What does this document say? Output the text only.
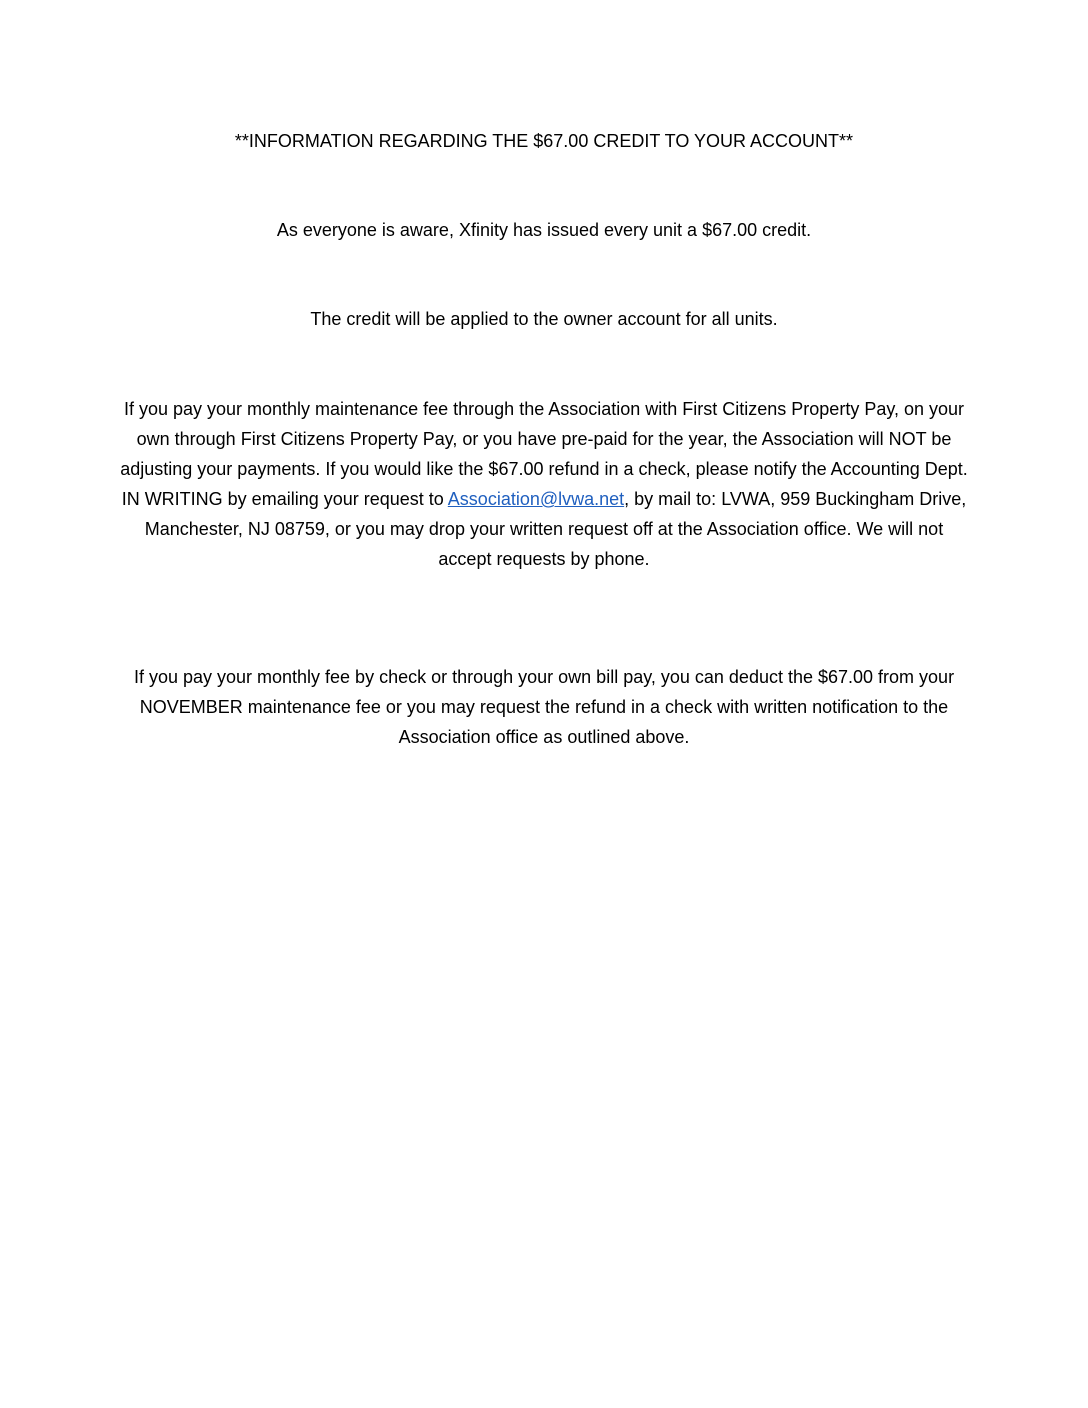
**INFORMATION REGARDING THE $67.00 CREDIT TO YOUR ACCOUNT**

As everyone is aware, Xfinity has issued every unit a $67.00 credit.

The credit will be applied to the owner account for all units.

If you pay your monthly maintenance fee through the Association with First Citizens Property Pay, on your own through First Citizens Property Pay, or you have pre-paid for the year, the Association will NOT be adjusting your payments. If you would like the $67.00 refund in a check, please notify the Accounting Dept. IN WRITING by emailing your request to Association@lvwa.net, by mail to: LVWA, 959 Buckingham Drive, Manchester, NJ 08759, or you may drop your written request off at the Association office. We will not accept requests by phone.

If you pay your monthly fee by check or through your own bill pay, you can deduct the $67.00 from your NOVEMBER maintenance fee or you may request the refund in a check with written notification to the Association office as outlined above.
